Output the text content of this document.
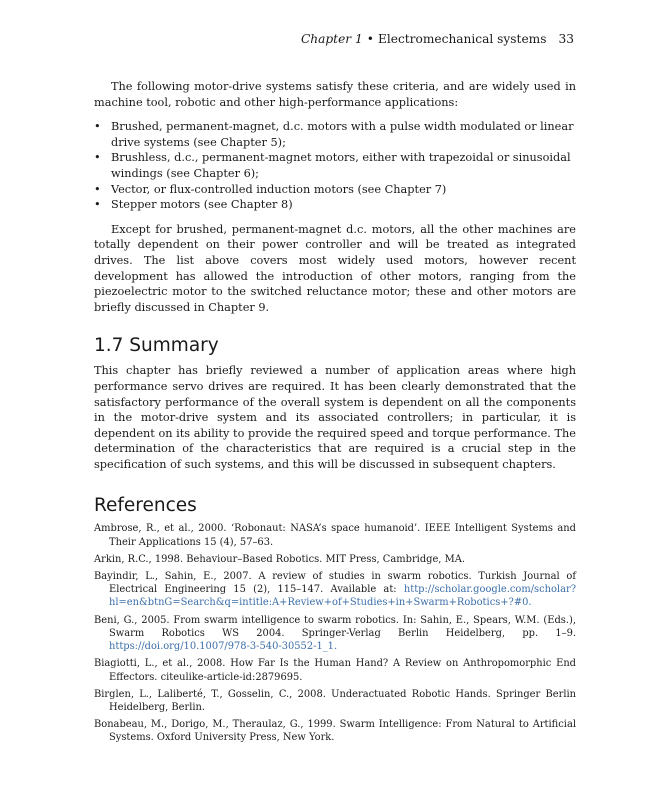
Chapter 1 • Electromechanical systems 33

The following motor-drive systems satisfy these criteria, and are widely used in machine tool, robotic and other high-performance applications:

• Brushed, permanent-magnet, d.c. motors with a pulse width modulated or linear drive systems (see Chapter 5);
• Brushless, d.c., permanent-magnet motors, either with trapezoidal or sinusoidal windings (see Chapter 6);
• Vector, or flux-controlled induction motors (see Chapter 7)
• Stepper motors (see Chapter 8)

Except for brushed, permanent-magnet d.c. motors, all the other machines are totally dependent on their power controller and will be treated as integrated drives. The list above covers most widely used motors, however recent development has allowed the introduction of other motors, ranging from the piezoelectric motor to the switched reluctance motor; these and other motors are briefly discussed in Chapter 9.

1.7 Summary

This chapter has briefly reviewed a number of application areas where high performance servo drives are required. It has been clearly demonstrated that the satisfactory performance of the overall system is dependent on all the components in the motor-drive system and its associated controllers; in particular, it is dependent on its ability to provide the required speed and torque performance. The determination of the characteristics that are required is a crucial step in the specification of such systems, and this will be discussed in subsequent chapters.

References
Ambrose, R., et al., 2000. ‘Robonaut: NASA’s space humanoid’. IEEE Intelligent Systems and Their Applications 15 (4), 57–63.
Arkin, R.C., 1998. Behaviour–Based Robotics. MIT Press, Cambridge, MA.
Bayindir, L., Sahin, E., 2007. A review of studies in swarm robotics. Turkish Journal of Electrical Engineering 15 (2), 115–147. Available at: http://scholar.google.com/scholar?hl=en&btnG=Search&q=intitle:A+Review+of+Studies+in+Swarm+Robotics+?#0.
Beni, G., 2005. From swarm intelligence to swarm robotics. In: Sahin, E., Spears, W.M. (Eds.), Swarm Robotics WS 2004. Springer-Verlag Berlin Heidelberg, pp. 1–9. https://doi.org/10.1007/978-3-540-30552-1_1.
Biagiotti, L., et al., 2008. How Far Is the Human Hand? A Review on Anthropomorphic End Effectors. citeulike-article-id:2879695.
Birglen, L., Laliberté, T., Gosselin, C., 2008. Underactuated Robotic Hands. Springer Berlin Heidelberg, Berlin.
Bonabeau, M., Dorigo, M., Theraulaz, G., 1999. Swarm Intelligence: From Natural to Artificial Systems. Oxford University Press, New York.
